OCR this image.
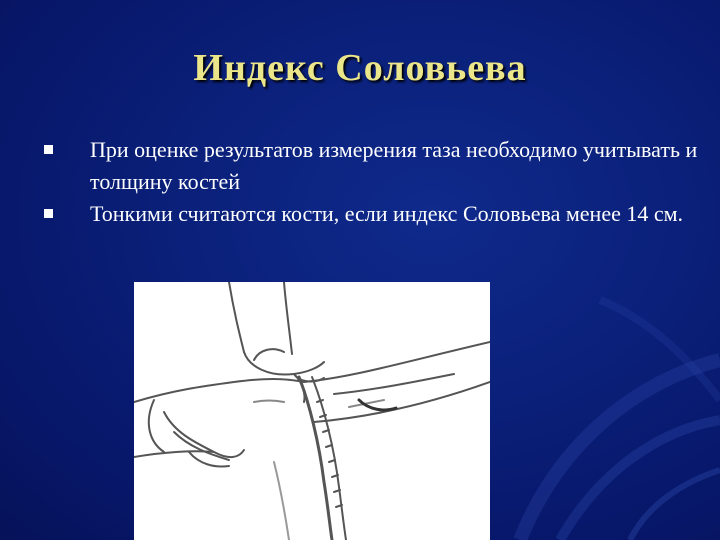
Индекс Соловьева
При оценке результатов измерения таза необходимо учитывать и толщину костей
Тонкими считаются кости, если индекс Соловьева менее 14 см.
